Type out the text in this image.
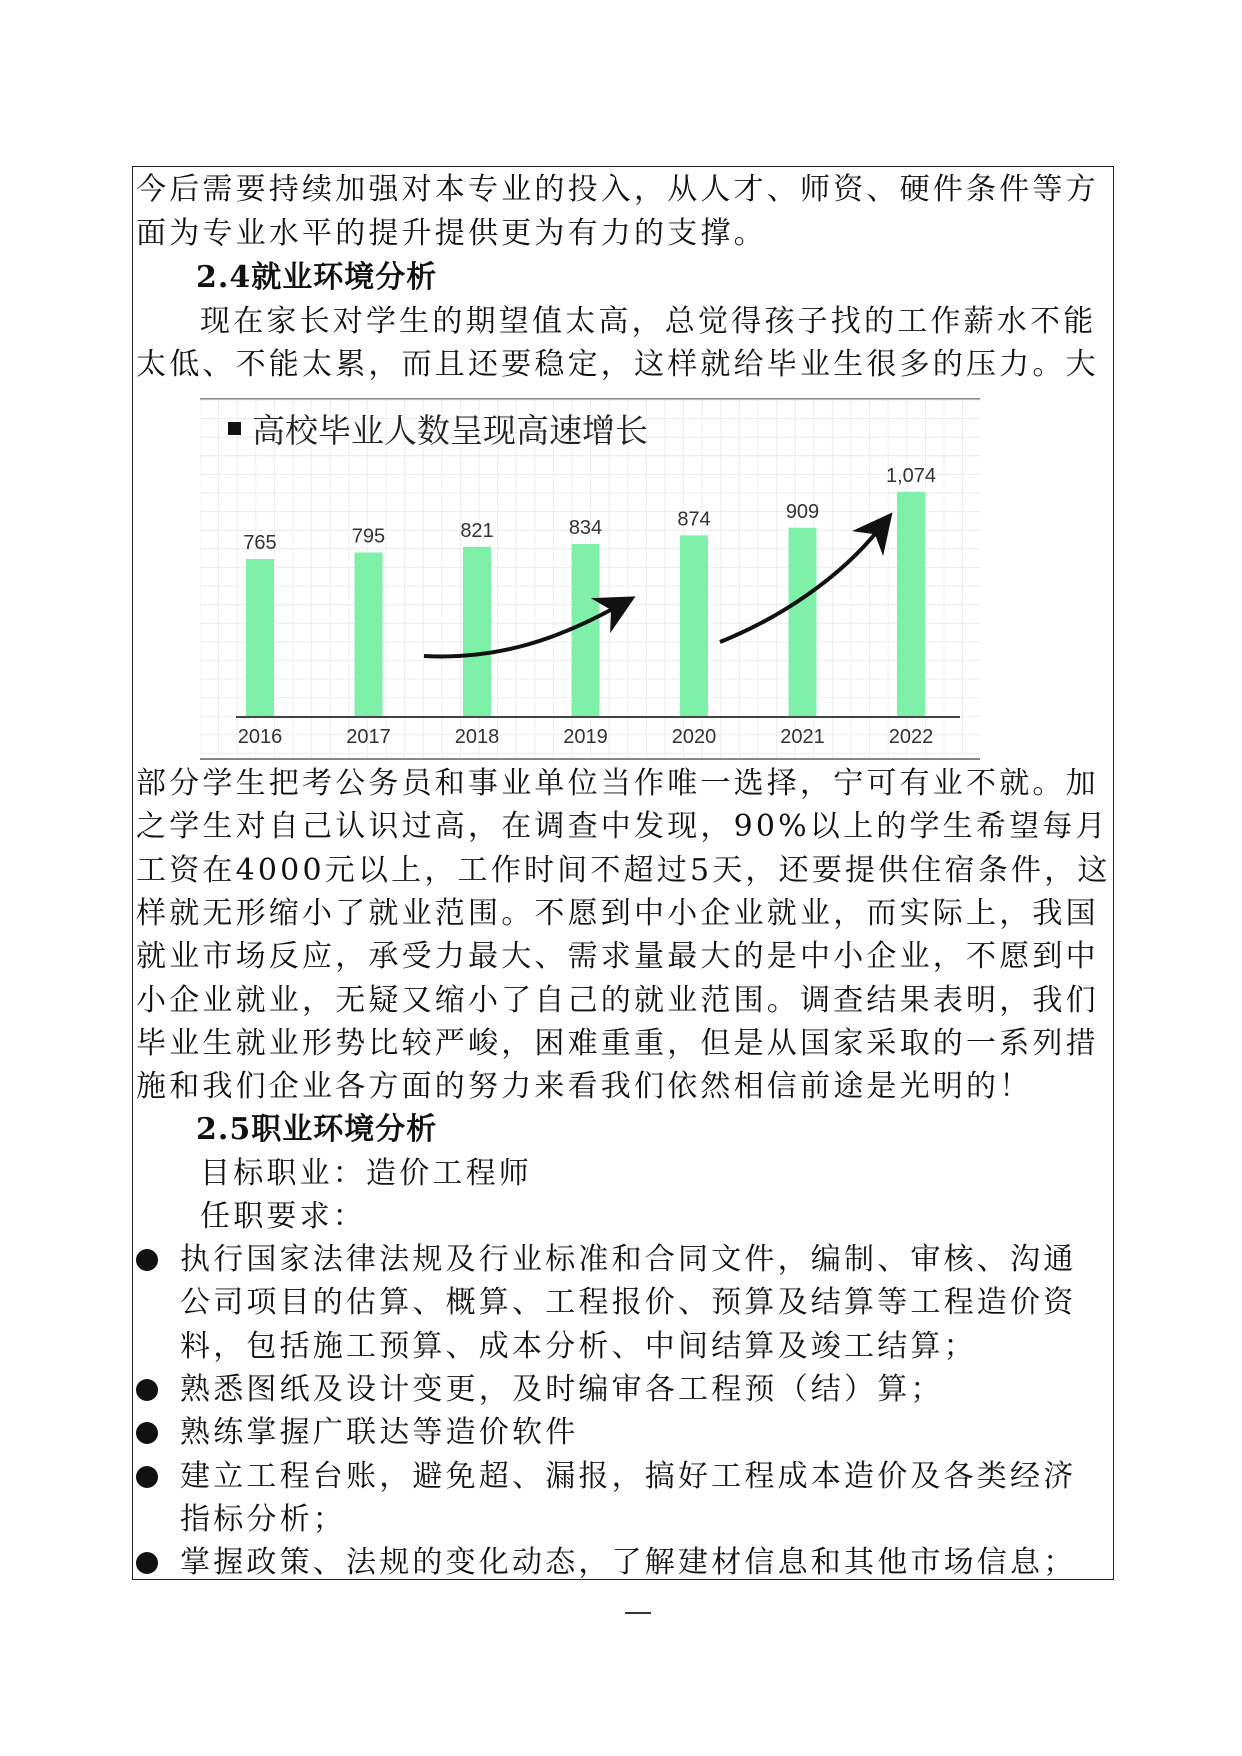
今后需要持续加强对本专业的投入，从人才、师资、硬件条件等方
面为专业水平的提升提供更为有力的支撑。
2.4就业环境分析
现在家长对学生的期望值太高，总觉得孩子找的工作薪水不能
太低、不能太累，而且还要稳定，这样就给毕业生很多的压力。大
高校毕业人数呈现高速增长
765
2016
795
2017
821
2018
834
2019
874
2020
909
2021
1,074
2022
部分学生把考公务员和事业单位当作唯一选择，宁可有业不就。加
之学生对自己认识过高，在调查中发现，90%以上的学生希望每月
工资在4000元以上，工作时间不超过5天，还要提供住宿条件，这
样就无形缩小了就业范围。不愿到中小企业就业，而实际上，我国
就业市场反应，承受力最大、需求量最大的是中小企业，不愿到中
小企业就业，无疑又缩小了自己的就业范围。调查结果表明，我们
毕业生就业形势比较严峻，困难重重，但是从国家采取的一系列措
施和我们企业各方面的努力来看我们依然相信前途是光明的！
2.5职业环境分析
目标职业：造价工程师
任职要求：
执行国家法律法规及行业标准和合同文件，编制、审核、沟通
公司项目的估算、概算、工程报价、预算及结算等工程造价资
料，包括施工预算、成本分析、中间结算及竣工结算；
熟悉图纸及设计变更，及时编审各工程预（结）算；
熟练掌握广联达等造价软件
建立工程台账，避免超、漏报，搞好工程成本造价及各类经济
指标分析；
掌握政策、法规的变化动态，了解建材信息和其他市场信息；
